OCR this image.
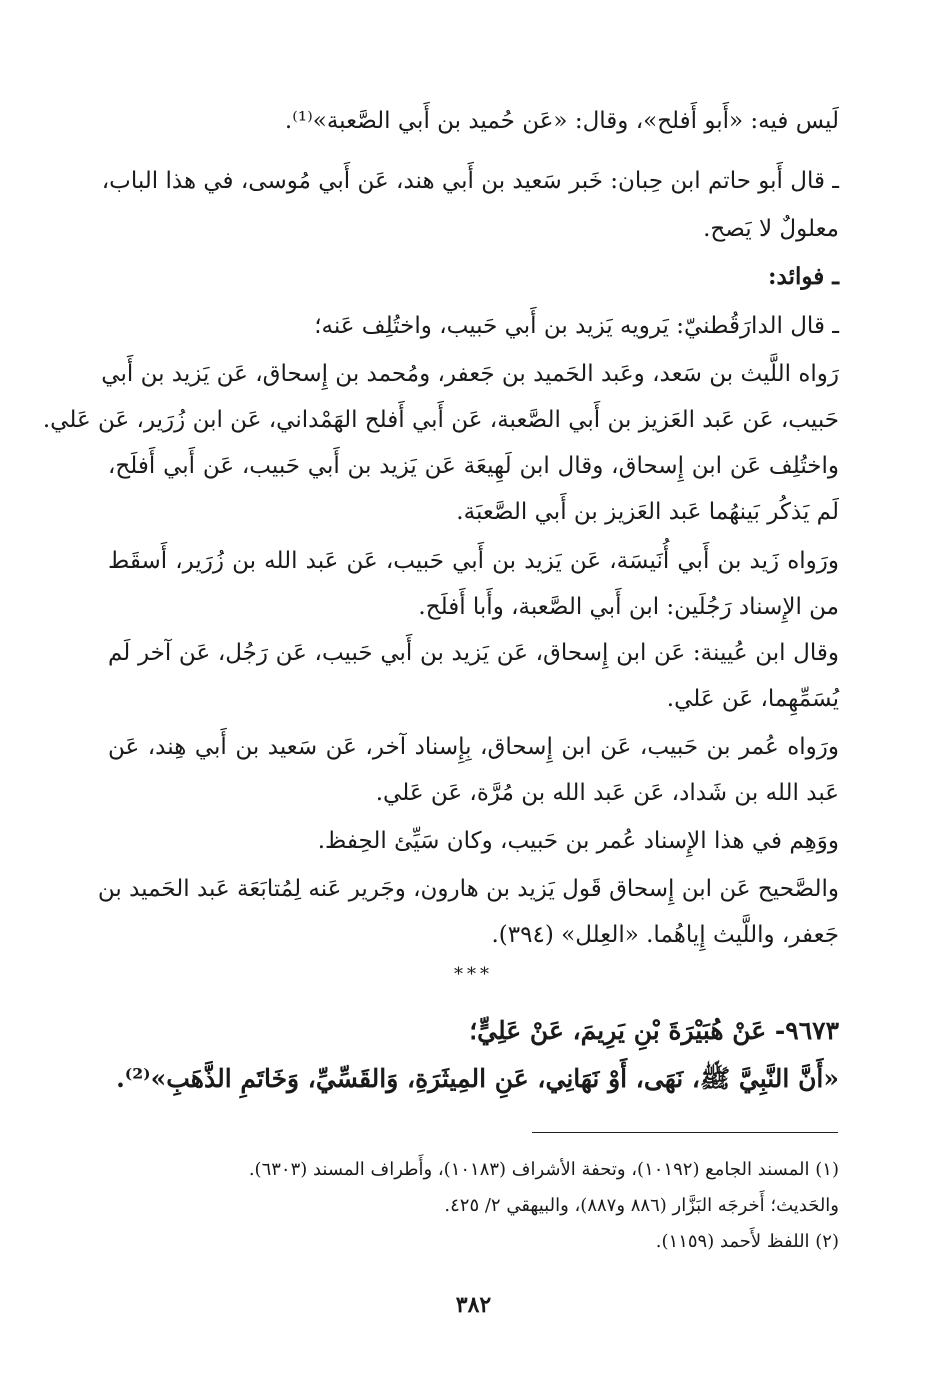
لَيس فيه: «أَبو أَفلح»، وقال: «عَن حُميد بن أَبي الصَّعبة»⁽¹⁾.
ـ قال أَبو حاتم ابن حِبان: خَبر سَعيد بن أَبي هند، عَن أَبي مُوسى، في هذا الباب،
معلولٌ لا يَصح.
ـ فوائد:
ـ قال الدارَقُطنيّ: يَرويه يَزيد بن أَبي حَبيب، واختُلِف عَنه؛
رَواه اللَّيث بن سَعد، وعَبد الحَميد بن جَعفر، ومُحمد بن إِسحاق، عَن يَزيد بن أَبي
حَبيب، عَن عَبد العَزيز بن أَبي الصَّعبة، عَن أَبي أَفلح الهَمْداني، عَن ابن زُرَير، عَن عَلي.
واختُلِف عَن ابن إِسحاق، وقال ابن لَهِيعَة عَن يَزيد بن أَبي حَبيب، عَن أَبي أَفلَح،
لَم يَذكُر بَينهُما عَبد العَزيز بن أَبي الصَّعبَة.
ورَواه زَيد بن أَبي أُنَيسَة، عَن يَزيد بن أَبي حَبيب، عَن عَبد الله بن زُرَير، أَسقَط
من الإِسناد رَجُلَين: ابن أَبي الصَّعبة، وأَبا أَفلَح.
وقال ابن عُيينة: عَن ابن إِسحاق، عَن يَزيد بن أَبي حَبيب، عَن رَجُل، عَن آخر لَم
يُسَمِّهِما، عَن عَلي.
ورَواه عُمر بن حَبيب، عَن ابن إِسحاق، بِإِسناد آخر، عَن سَعيد بن أَبي هِند، عَن
عَبد الله بن شَداد، عَن عَبد الله بن مُرَّة، عَن عَلي.
ووَهِم في هذا الإِسناد عُمر بن حَبيب، وكان سَيِّئ الحِفظ.
والصَّحيح عَن ابن إِسحاق قَول يَزيد بن هارون، وجَرير عَنه لِمُتابَعَة عَبد الحَميد بن
جَعفر، واللَّيث إِياهُما. «العِلل» (٣٩٤).
***
٩٦٧٣- عَنْ هُبَيْرَةَ بْنِ يَرِيمَ، عَنْ عَلِيٍّ؛
«أَنَّ النَّبِيَّ ﷺ، نَهَى، أَوْ نَهَانِي، عَنِ المِيثَرَةِ، وَالقَسِّيِّ، وَخَاتَمِ الذَّهَبِ»⁽²⁾.
(١) المسند الجامع (١٠١٩٢)، وتحفة الأشراف (١٠١٨٣)، وأَطراف المسند (٦٣٠٣).
والحَديث؛ أَخرجَه البَزَّار (٨٨٦ و٨٨٧)، والبيهقي ٢/ ٤٢٥.
(٢) اللفظ لأَحمد (١١٥٩).
٣٨٢
